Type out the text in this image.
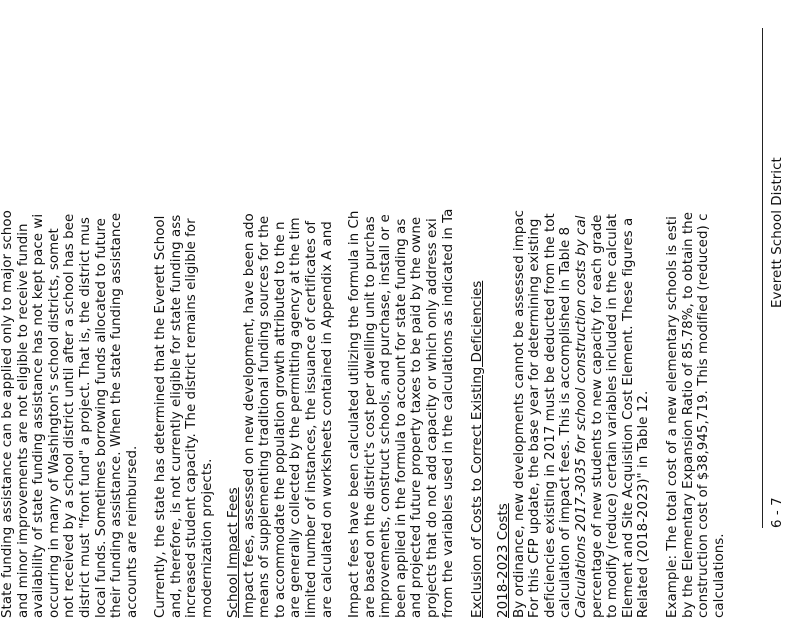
State funding assistance can be applied only to major schoo and minor improvements are not eligible to receive fundin availability of state funding assistance has not kept pace wi occurring in many of Washington's school districts, somet not received by a school district until after a school has bee district must "front fund" a project. That is, the district mus local funds. Sometimes borrowing funds allocated to future their funding assistance. When the state funding assistance accounts are reimbursed. Currently, the state has determined that the Everett School and, therefore, is not currently eligible for state funding ass increased student capacity. The district remains eligible for modernization projects. School Impact Fees Impact fees, assessed on new development, have been ado means of supplementing traditional funding sources for the to accommodate the population growth attributed to the n are generally collected by the permitting agency at the tim limited number of instances, the issuance of certificates of are calculated on worksheets contained in Appendix A and Impact fees have been calculated utilizing the formula in Ch are based on the district's cost per dwelling unit to purchas improvements, construct schools, and purchase, install or e been applied in the formula to account for state funding as and projected future property taxes to be paid by the owne projects that do not add capacity or which only address exi from the variables used in the calculations as indicated in Ta Exclusion of Costs to Correct Existing Deficiencies 2018-2023 Costs By ordinance, new developments cannot be assessed impac For this CFP update, the base year for determining existing deficiencies existing in 2017 must be deducted from the tot calculation of impact fees. This is accomplished in Table 8 Calculations 2017-3035 for school construction costs by cal percentage of new students to new capacity for each grade to modify (reduce) certain variables included in the calculat Element and Site Acquisition Cost Element. These figures a Related (2018-2023)" in Table 12. Example: The total cost of a new elementary schools is esti by the Elementary Expansion Ratio of 85.78%, to obtain the construction cost of $38,945,719. This modified (reduced) c calculations.
Everett School District
6 - 7
